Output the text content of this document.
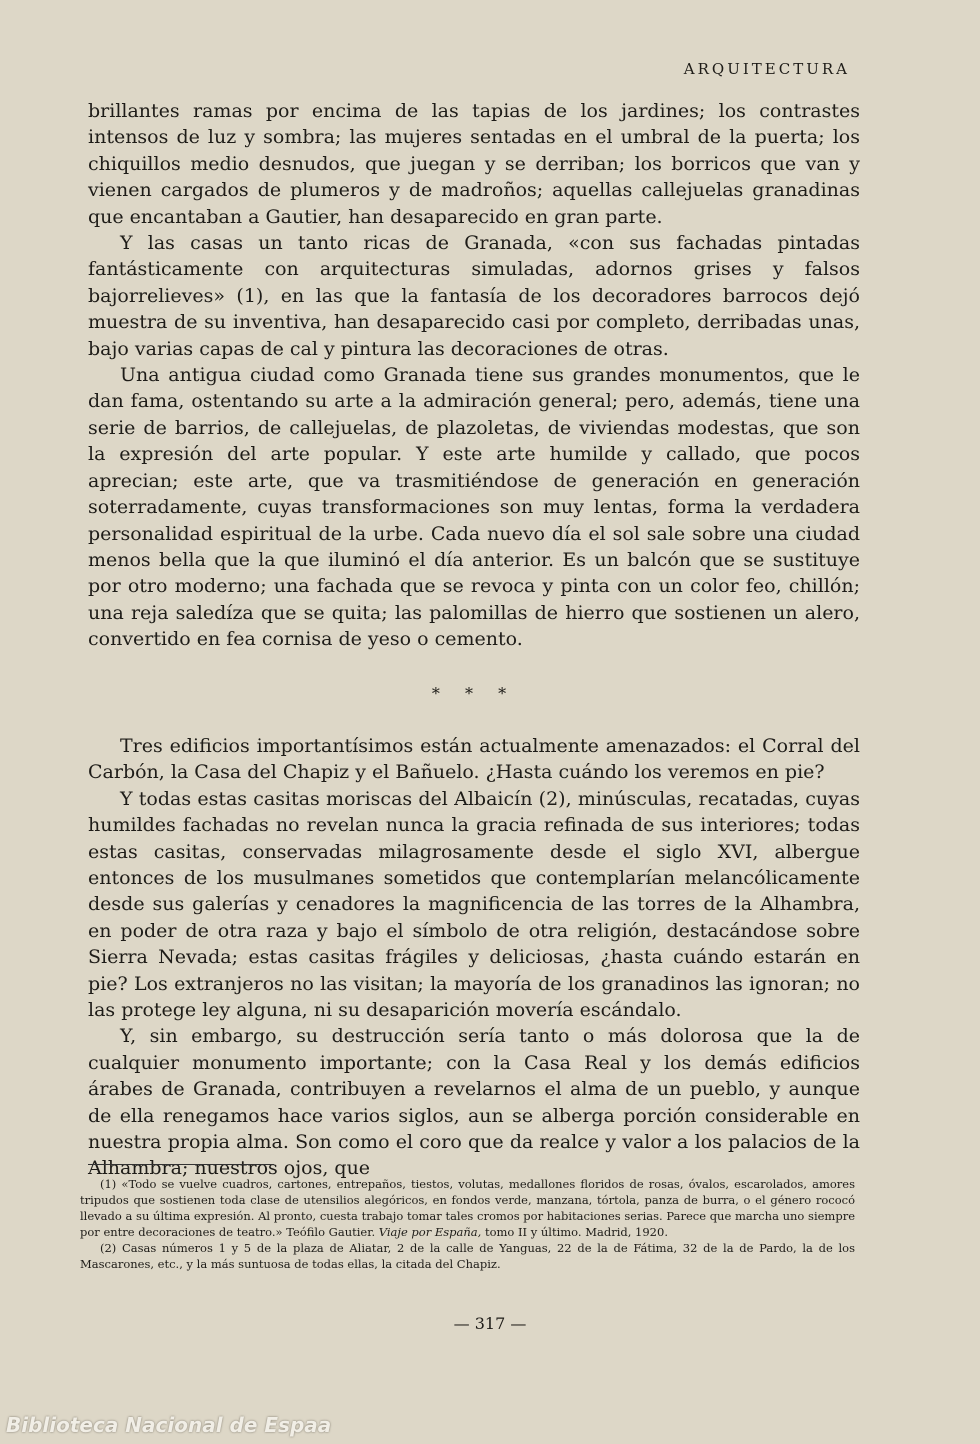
ARQUITECTURA

brillantes ramas por encima de las tapias de los jardines; los contrastes intensos de luz y sombra; las mujeres sentadas en el umbral de la puerta; los chiquillos medio desnudos, que juegan y se derriban; los borricos que van y vienen cargados de plumeros y de madroños; aquellas callejuelas granadinas que encantaban a Gautier, han desaparecido en gran parte.

Y las casas un tanto ricas de Granada, «con sus fachadas pintadas fantásticamente con arquitecturas simuladas, adornos grises y falsos bajorrelieves» (1), en las que la fantasía de los decoradores barrocos dejó muestra de su inventiva, han desaparecido casi por completo, derribadas unas, bajo varias capas de cal y pintura las decoraciones de otras.

Una antigua ciudad como Granada tiene sus grandes monumentos, que le dan fama, ostentando su arte a la admiración general; pero, además, tiene una serie de barrios, de callejuelas, de plazoletas, de viviendas modestas, que son la expresión del arte popular. Y este arte humilde y callado, que pocos aprecian; este arte, que va trasmitiéndose de generación en generación soterradamente, cuyas transformaciones son muy lentas, forma la verdadera personalidad espiritual de la urbe. Cada nuevo día el sol sale sobre una ciudad menos bella que la que iluminó el día anterior. Es un balcón que se sustituye por otro moderno; una fachada que se revoca y pinta con un color feo, chillón; una reja saledíza que se quita; las palomillas de hierro que sostienen un alero, convertido en fea cornisa de yeso o cemento.

* * *

Tres edificios importantísimos están actualmente amenazados: el Corral del Carbón, la Casa del Chapiz y el Bañuelo. ¿Hasta cuándo los veremos en pie?

Y todas estas casitas moriscas del Albaicín (2), minúsculas, recatadas, cuyas humildes fachadas no revelan nunca la gracia refinada de sus interiores; todas estas casitas, conservadas milagrosamente desde el siglo XVI, albergue entonces de los musulmanes sometidos que contemplarían melancólicamente desde sus galerías y cenadores la magnificencia de las torres de la Alhambra, en poder de otra raza y bajo el símbolo de otra religión, destacándose sobre Sierra Nevada; estas casitas frágiles y deliciosas, ¿hasta cuándo estarán en pie? Los extranjeros no las visitan; la mayoría de los granadinos las ignoran; no las protege ley alguna, ni su desaparición movería escándalo.

Y, sin embargo, su destrucción sería tanto o más dolorosa que la de cualquier monumento importante; con la Casa Real y los demás edificios árabes de Granada, contribuyen a revelarnos el alma de un pueblo, y aunque de ella renegamos hace varios siglos, aun se alberga porción considerable en nuestra propia alma. Son como el coro que da realce y valor a los palacios de la Alhambra; nuestros ojos, que

(1) «Todo se vuelve cuadros, cartones, entrepaños, tiestos, volutas, medallones floridos de rosas, óvalos, escarolados, amores tripudos que sostienen toda clase de utensilios alegóricos, en fondos verde, manzana, tórtola, panza de burra, o el género rococó llevado a su última expresión. Al pronto, cuesta trabajo tomar tales cromos por habitaciones serias. Parece que marcha uno siempre por entre decoraciones de teatro.» Teófilo Gautier. Viaje por España, tomo II y último. Madrid, 1920.

(2) Casas números 1 y 5 de la plaza de Aliatar, 2 de la calle de Yanguas, 22 de la de Fátima, 32 de la de Pardo, la de los Mascarones, etc., y la más suntuosa de todas ellas, la citada del Chapiz.

— 317 —
Biblioteca Nacional de Espaa
